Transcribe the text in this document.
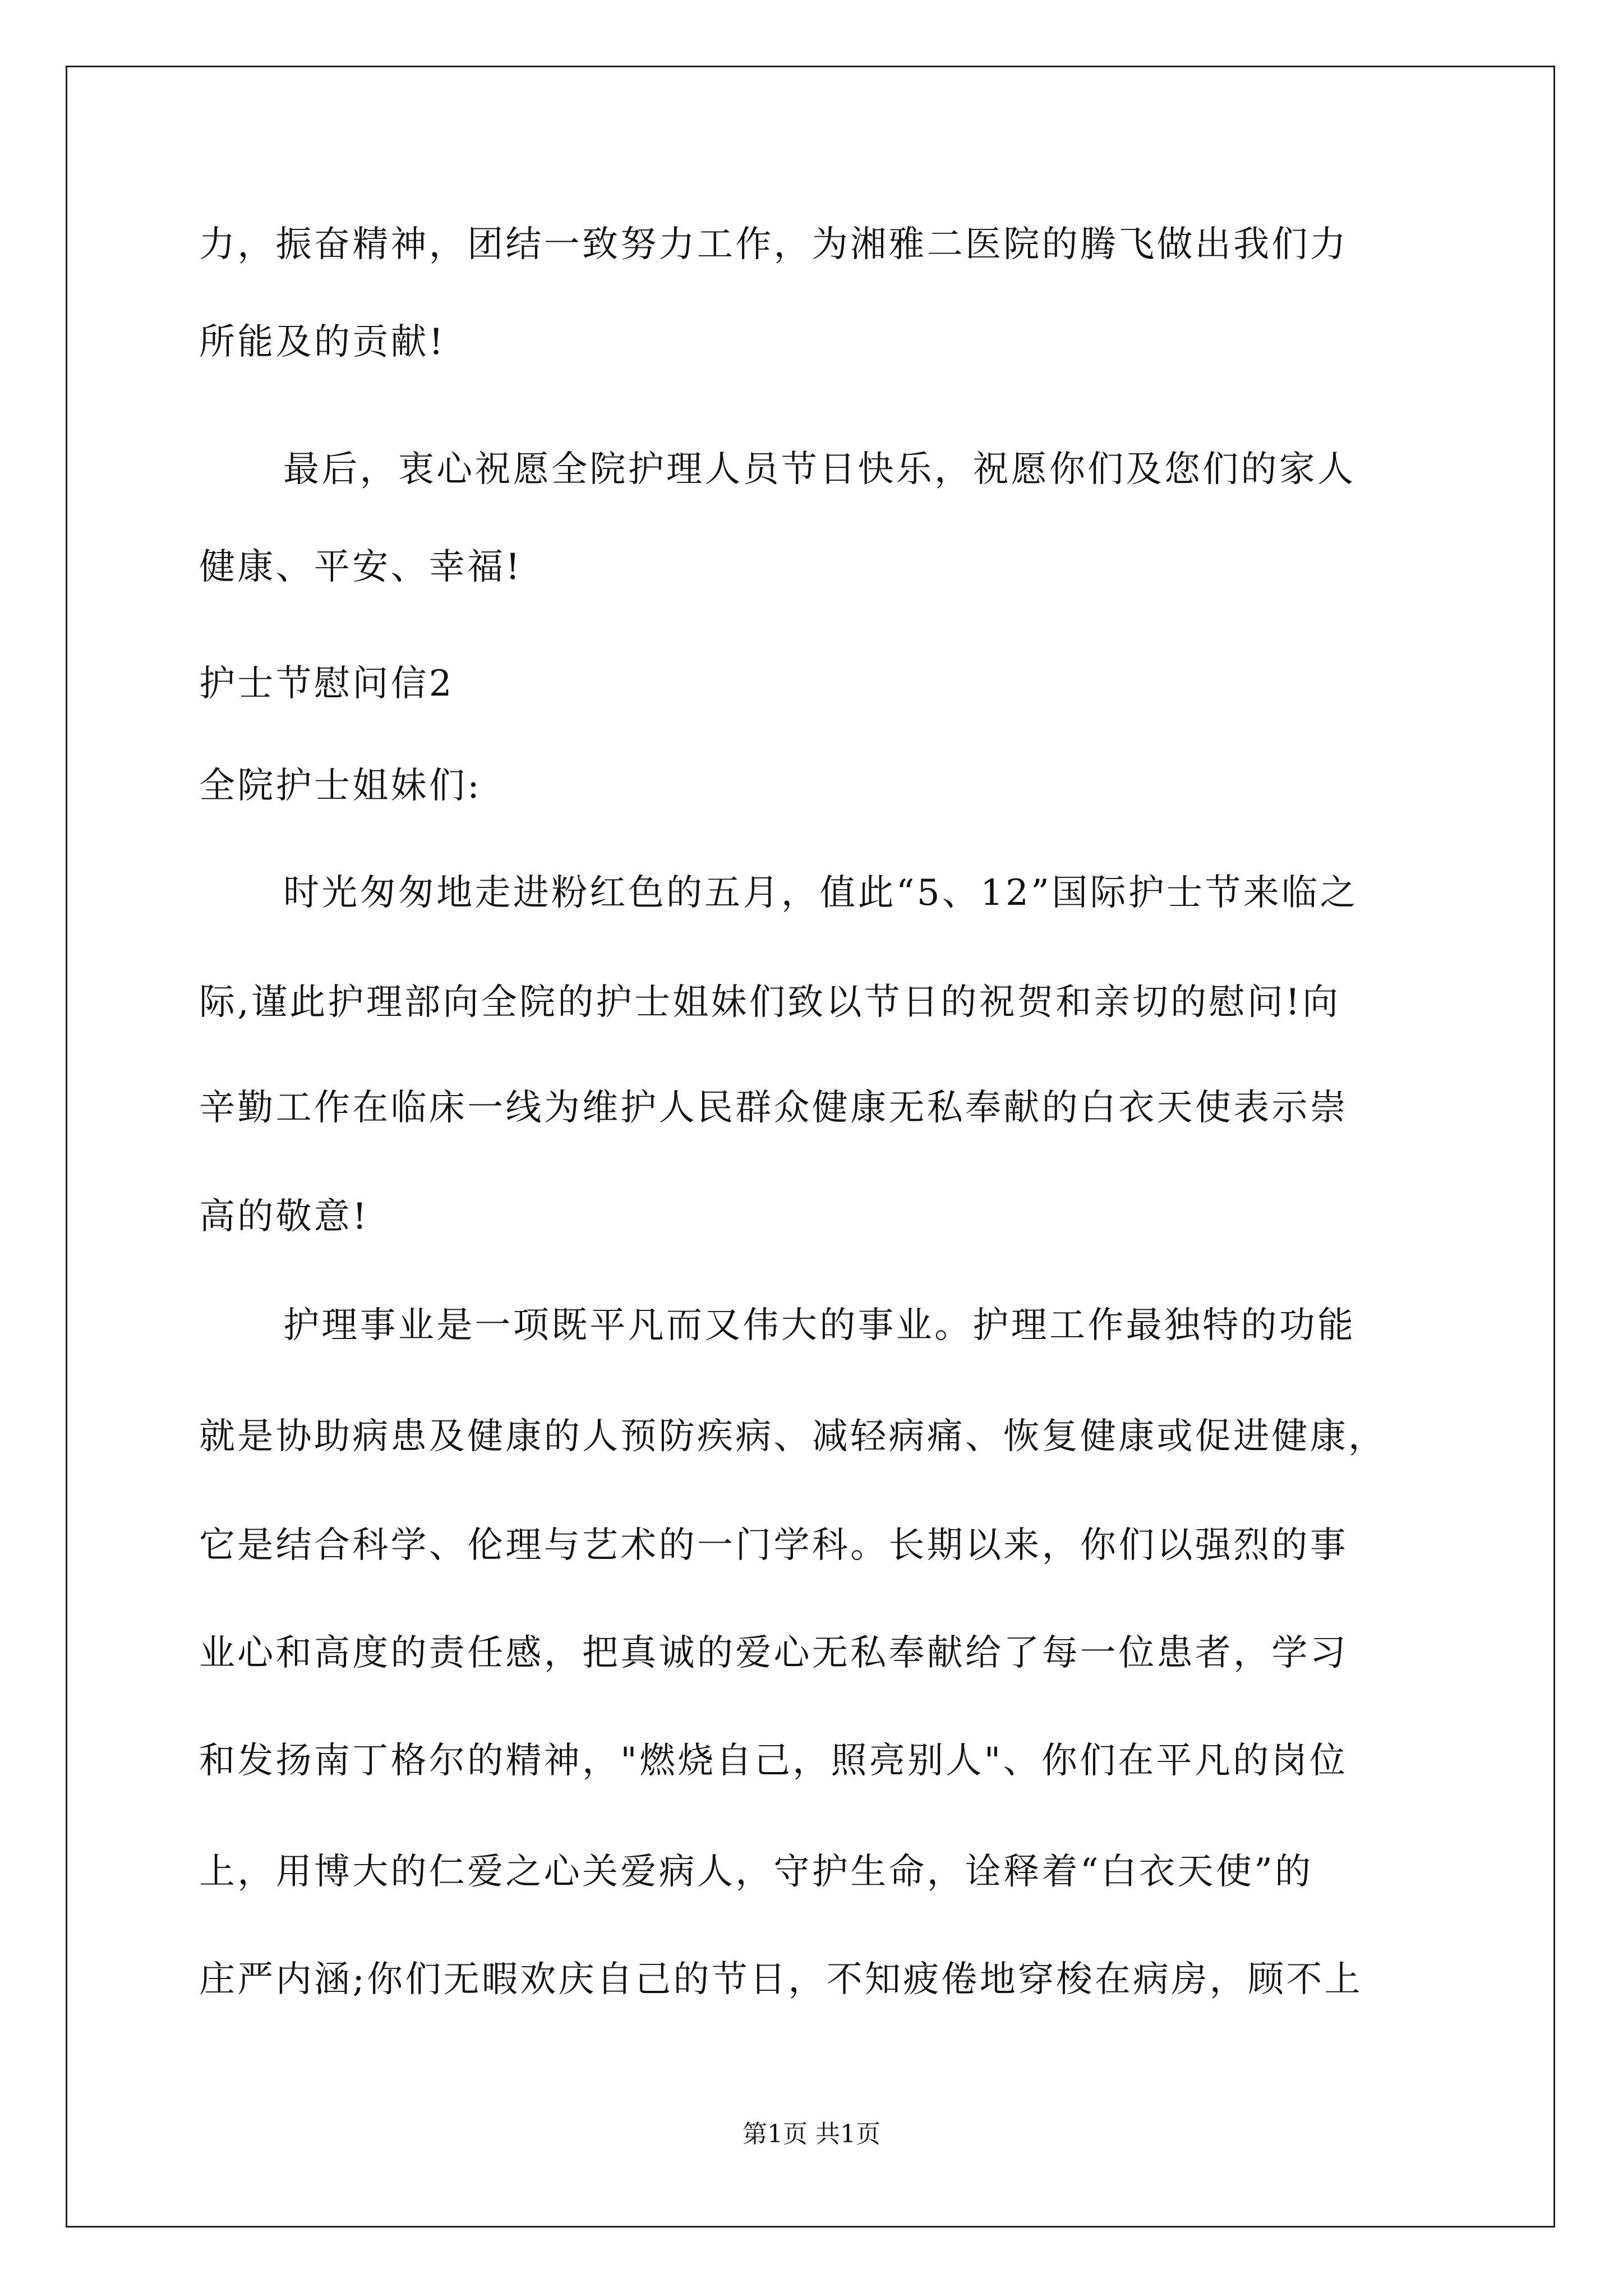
力，振奋精神，团结一致努力工作，为湘雅二医院的腾飞做出我们力
所能及的贡献!
最后，衷心祝愿全院护理人员节日快乐，祝愿你们及您们的家人
健康、平安、幸福!
护士节慰问信2
全院护士姐妹们:
时光匆匆地走进粉红色的五月，值此“5、12”国际护士节来临之
际,谨此护理部向全院的护士姐妹们致以节日的祝贺和亲切的慰问!向
辛勤工作在临床一线为维护人民群众健康无私奉献的白衣天使表示崇
高的敬意!
护理事业是一项既平凡而又伟大的事业。护理工作最独特的功能
就是协助病患及健康的人预防疾病、减轻病痛、恢复健康或促进健康，
它是结合科学、伦理与艺术的一门学科。长期以来，你们以强烈的事
业心和高度的责任感，把真诚的爱心无私奉献给了每一位患者，学习
和发扬南丁格尔的精神，"燃烧自己，照亮别人"、你们在平凡的岗位
上，用博大的仁爱之心关爱病人，守护生命，诠释着“白衣天使”的
庄严内涵;你们无暇欢庆自己的节日，不知疲倦地穿梭在病房，顾不上
第1页 共1页
